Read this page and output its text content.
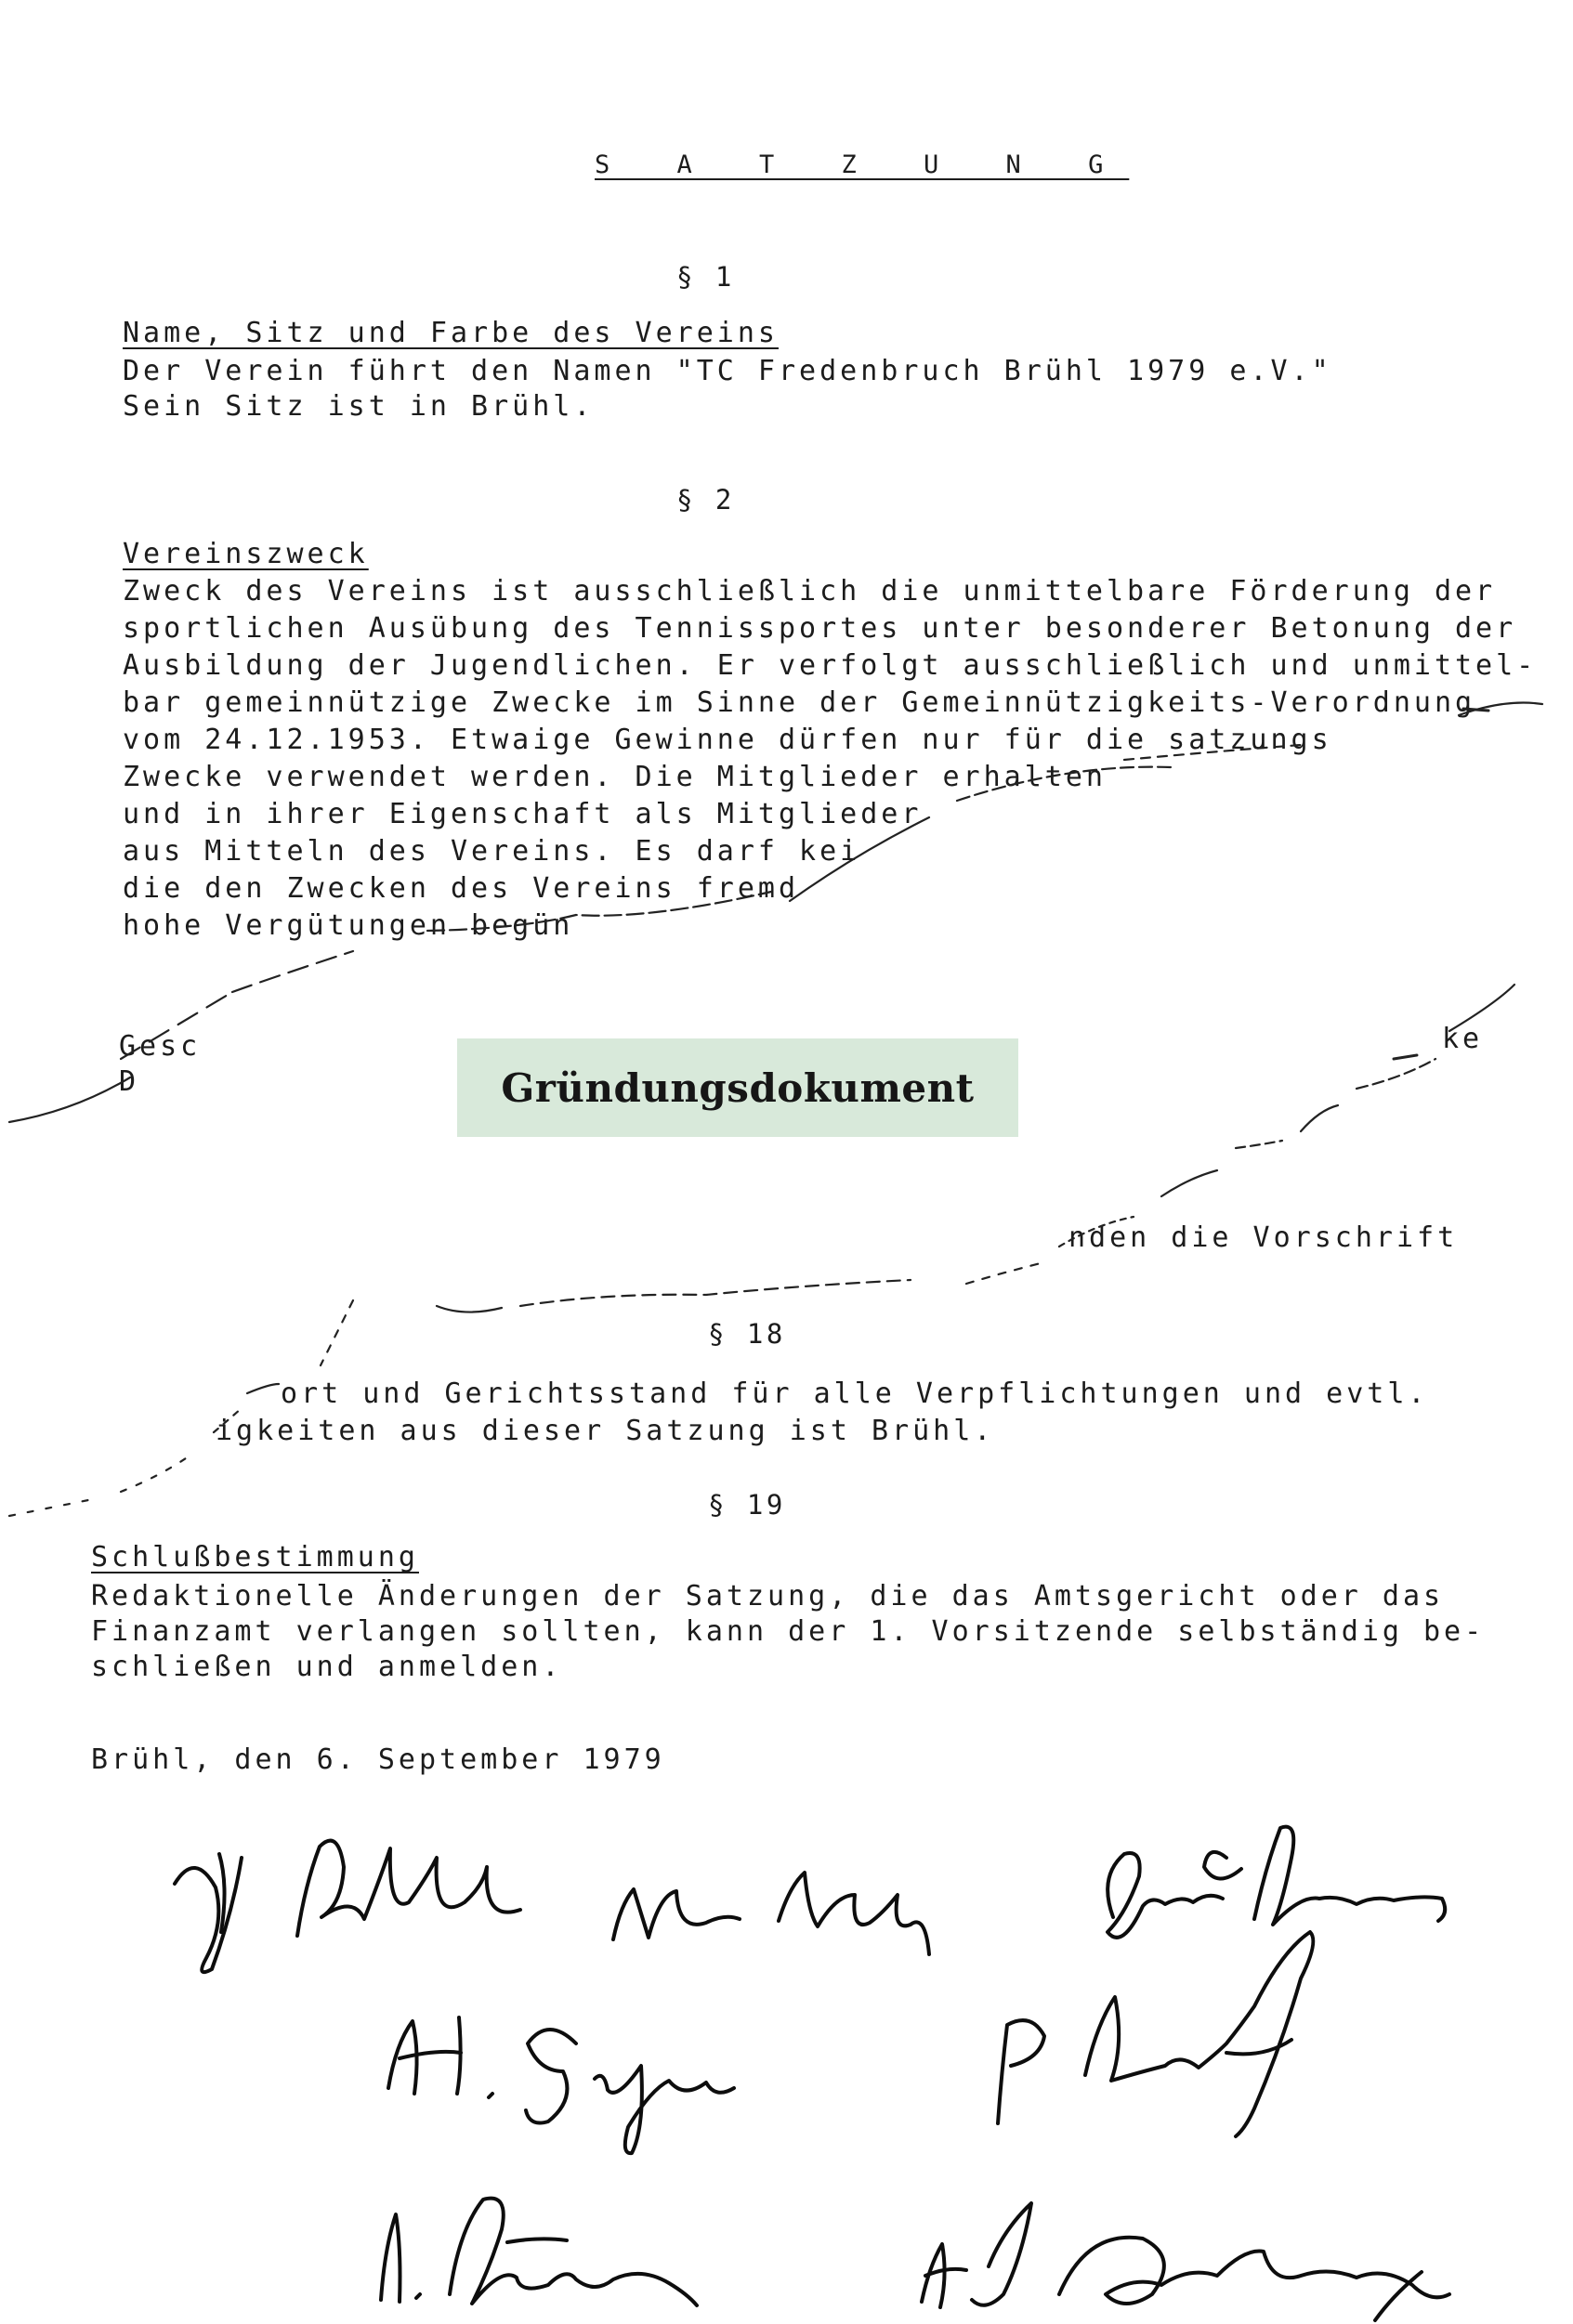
S A T Z U N G
§ 1
Name, Sitz und Farbe des Vereins
Der Verein führt den Namen "TC Fredenbruch Brühl 1979 e.V."
Sein Sitz ist in Brühl.
§ 2
Vereinszweck
Zweck des Vereins ist ausschließlich die unmittelbare Förderung der
sportlichen Ausübung des Tennissportes unter besonderer Betonung der
Ausbildung der Jugendlichen. Er verfolgt ausschließlich und unmittel-
bar gemeinnützige Zwecke im Sinne der Gemeinnützigkeits-Verordnung
vom 24.12.1953. Etwaige Gewinne dürfen nur für die satzungs
Zwecke verwendet werden. Die Mitglieder erhalten
und in ihrer Eigenschaft als Mitglieder
aus Mitteln des Vereins. Es darf kei
die den Zwecken des Vereins fremd
hohe Vergütungen begün
Gesc
D
ke
nden die Vorschrift
Gründungsdokument
§ 18
ort und Gerichtsstand für alle Verpflichtungen und evtl.
igkeiten aus dieser Satzung ist Brühl.
§ 19
Schlußbestimmung
Redaktionelle Änderungen der Satzung, die das Amtsgericht oder das
Finanzamt verlangen sollten, kann der 1. Vorsitzende selbständig be-
schließen und anmelden.
Brühl, den 6. September 1979
